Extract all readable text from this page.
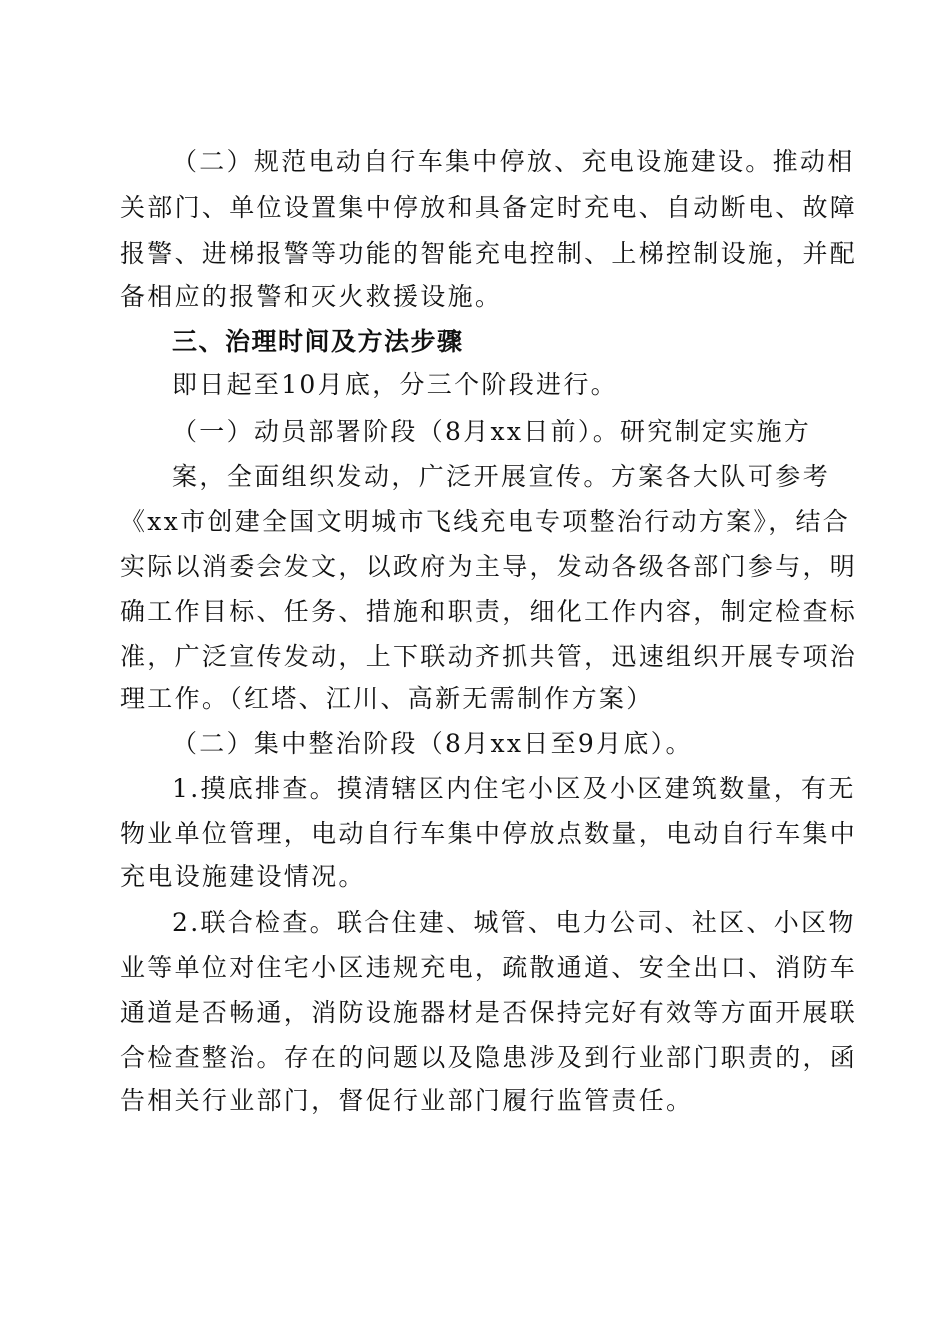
（二）规范电动自行车集中停放、充电设施建设。推动相
关部门、单位设置集中停放和具备定时充电、自动断电、故障
报警、进梯报警等功能的智能充电控制、上梯控制设施，并配
备相应的报警和灭火救援设施。
三、治理时间及方法步骤
即日起至10月底，分三个阶段进行。
（一）动员部署阶段（8月xx日前）。研究制定实施方
案，全面组织发动，广泛开展宣传。方案各大队可参考
《xx市创建全国文明城市飞线充电专项整治行动方案》，结合
实际以消委会发文，以政府为主导，发动各级各部门参与，明
确工作目标、任务、措施和职责，细化工作内容，制定检查标
准，广泛宣传发动，上下联动齐抓共管，迅速组织开展专项治
理工作。（红塔、江川、高新无需制作方案）
（二）集中整治阶段（8月xx日至9月底）。
1.摸底排查。摸清辖区内住宅小区及小区建筑数量，有无
物业单位管理，电动自行车集中停放点数量，电动自行车集中
充电设施建设情况。
2.联合检查。联合住建、城管、电力公司、社区、小区物
业等单位对住宅小区违规充电，疏散通道、安全出口、消防车
通道是否畅通，消防设施器材是否保持完好有效等方面开展联
合检查整治。存在的问题以及隐患涉及到行业部门职责的，函
告相关行业部门，督促行业部门履行监管责任。
